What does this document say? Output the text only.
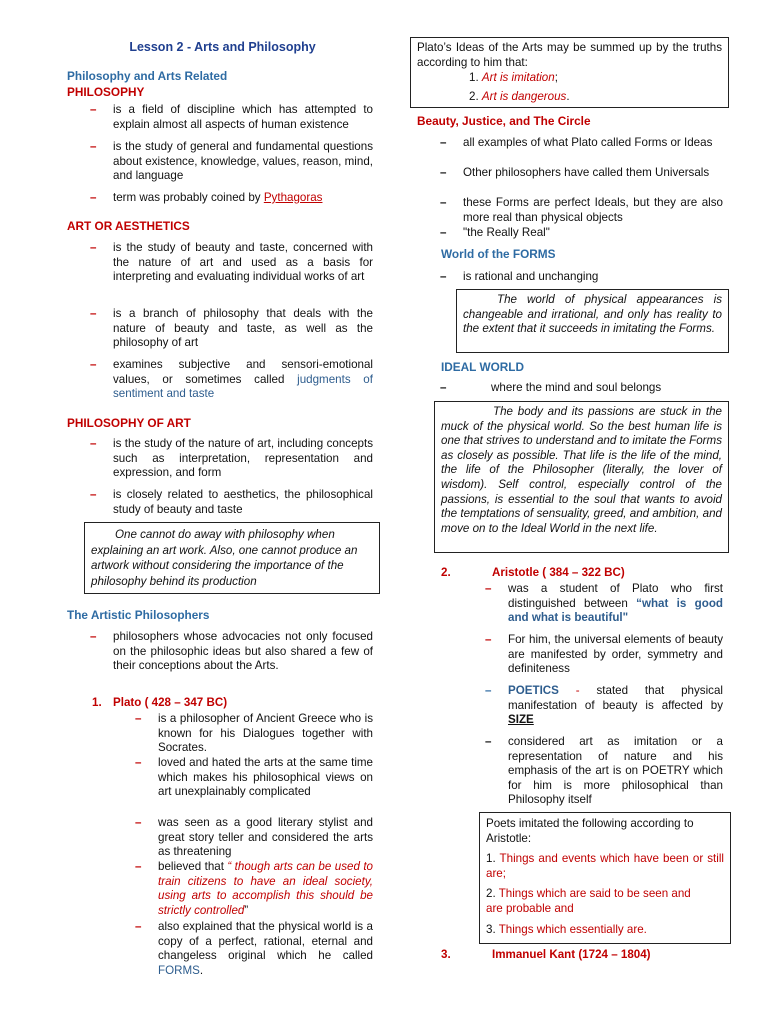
Lesson 2 - Arts and Philosophy
Philosophy and Arts Related
PHILOSOPHY
– is a field of discipline which has attempted to explain almost all aspects of human existence
– is the study of general and fundamental questions about existence, knowledge, values, reason, mind, and language
– term was probably coined by Pythagoras
ART OR AESTHETICS
– is the study of beauty and taste, concerned with the nature of art and used as a basis for interpreting and evaluating individual works of art
– is a branch of philosophy that deals with the nature of beauty and taste, as well as the philosophy of art
– examines subjective and sensori-emotional values, or sometimes called judgments of sentiment and taste
PHILOSOPHY OF ART
– is the study of the nature of art, including concepts such as interpretation, representation and expression, and form
– is closely related to aesthetics, the philosophical study of beauty and taste
One cannot do away with philosophy when explaining an art work. Also, one cannot produce an artwork without considering the importance of the philosophy behind its production
The Artistic Philosophers
– philosophers whose advocacies not only focused on the philosophic ideas but also shared a few of their conceptions about the Arts.
1. Plato ( 428 – 347 BC)
– is a philosopher of Ancient Greece who is known for his Dialogues together with Socrates.
– loved and hated the arts at the same time which makes his philosophical views on art unexplainably complicated
– was seen as a good literary stylist and great story teller and considered the arts as threatening
– believed that “ though arts can be used to train citizens to have an ideal society, using arts to accomplish this should be strictly controlled”
– also explained that the physical world is a copy of a perfect, rational, eternal and changeless original which he called FORMS.
Plato’s Ideas of the Arts may be summed up by the truths according to him that:
1. Art is imitation;
2. Art is dangerous.
Beauty, Justice, and The Circle
– all examples of what Plato called Forms or Ideas
– Other philosophers have called them Universals
– these Forms are perfect Ideals, but they are also more real than physical objects
– "the Really Real"
World of the FORMS
– is rational and unchanging
The world of physical appearances is changeable and irrational, and only has reality to the extent that it succeeds in imitating the Forms.
IDEAL WORLD
–	where the mind and soul belongs
The body and its passions are stuck in the muck of the physical world. So the best human life is one that strives to understand and to imitate the Forms as closely as possible. That life is the life of the mind, the life of the Philosopher (literally, the lover of wisdom). Self control, especially control of the passions, is essential to the soul that wants to avoid the temptations of sensuality, greed, and ambition, and move on to the Ideal World in the next life.
2.	Aristotle ( 384 – 322 BC)
– was a student of Plato who first distinguished between “what is good and what is beautiful"
– For him, the universal elements of beauty are manifested by order, symmetry and definiteness
– POETICS - stated that physical manifestation of beauty is affected by SIZE
– considered art as imitation or a representation of nature and his emphasis of the art is on POETRY which for him is more philosophical than Philosophy itself
Poets imitated the following according to Aristotle:
1. Things and events which have been or still are;
2. Things which are said to be seen and
are probable and
3. Things which essentially are.
3.	Immanuel Kant (1724 – 1804)
